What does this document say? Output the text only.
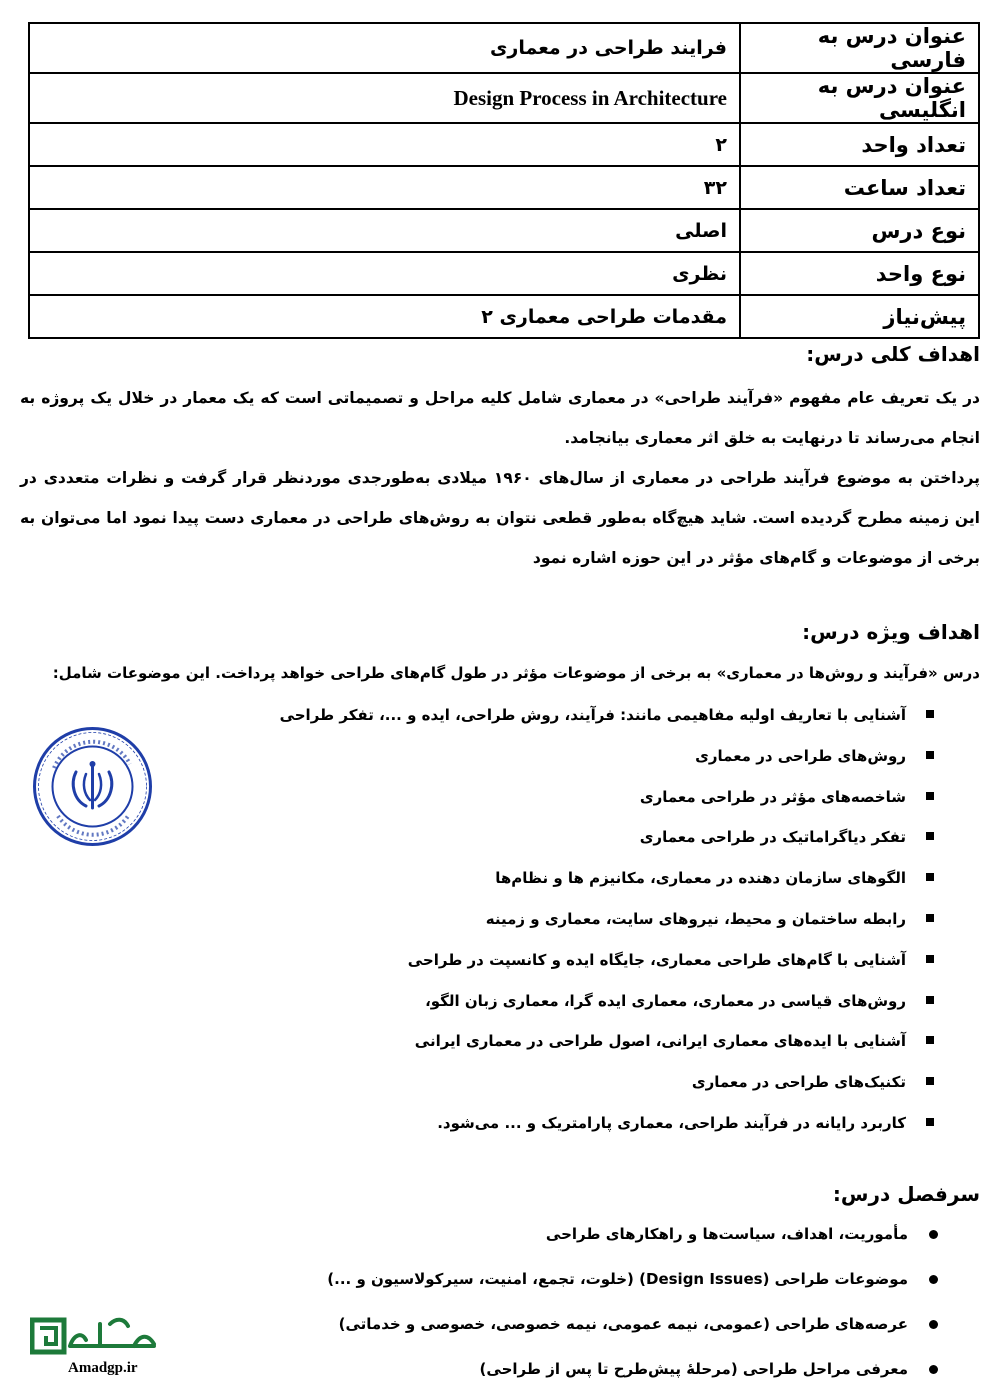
عنوان درس به فارسی	فرایند طراحی در معماری
عنوان درس به انگلیسی	Design Process in Architecture
تعداد واحد	۲
تعداد ساعت	۳۲
نوع درس	اصلی
نوع واحد	نظری
پیش‌نیاز	مقدمات طراحی معماری ۲
اهداف کلی درس:

در یک تعریف عام مفهوم «فرآیند طراحی» در معماری شامل کلیه مراحل و تصمیماتی است که یک معمار در خلال یک پروژه به انجام می‌رساند تا درنهایت به خلق اثر معماری بیانجامد.

پرداختن به موضوع فرآیند طراحی در معماری از سال‌های ۱۹۶۰ میلادی به‌طورجدی موردنظر قرار گرفت و نظرات متعددی در این زمینه مطرح گردیده است. شاید هیچ‌گاه به‌طور قطعی نتوان به روش‌های طراحی در معماری دست پیدا نمود اما می‌توان به برخی از موضوعات و گام‌های مؤثر در این حوزه اشاره نمود

اهداف ویژه درس:
درس «فرآیند و روش‌ها در معماری» به برخی از موضوعات مؤثر در طول گام‌های طراحی خواهد پرداخت. این موضوعات شامل:
آشنایی با تعاریف اولیه مفاهیمی مانند: فرآیند، روش طراحی، ایده و ...، تفکر طراحی
روش‌های طراحی در معماری
شاخصه‌های مؤثر در طراحی معماری
تفکر دیاگراماتیک در طراحی معماری
الگوهای سازمان دهنده در معماری، مکانیزم ها و نظام‌ها
رابطه ساختمان و محیط، نیروهای سایت، معماری و زمینه
آشنایی با گام‌های طراحی معماری، جایگاه ایده و کانسپت در طراحی
روش‌های قیاسی در معماری، معماری ایده گرا، معماری زبان الگو،
آشنایی با ایده‌های معماری ایرانی، اصول طراحی در معماری ایرانی
تکنیک‌های طراحی در معماری
کاربرد رایانه در فرآیند طراحی، معماری پارامتریک و ... می‌شود.
سرفصل درس:
مأموریت، اهداف، سیاست‌ها و راهکارهای طراحی
موضوعات طراحی (Design Issues) (خلوت، تجمع، امنیت، سیرکولاسیون و ...)
عرصه‌های طراحی (عمومی، نیمه عمومی، نیمه خصوصی، خصوصی و خدماتی)
معرفی مراحل طراحی (مرحلهٔ پیش‌طرح تا پس از طراحی)
Amadgp.ir
